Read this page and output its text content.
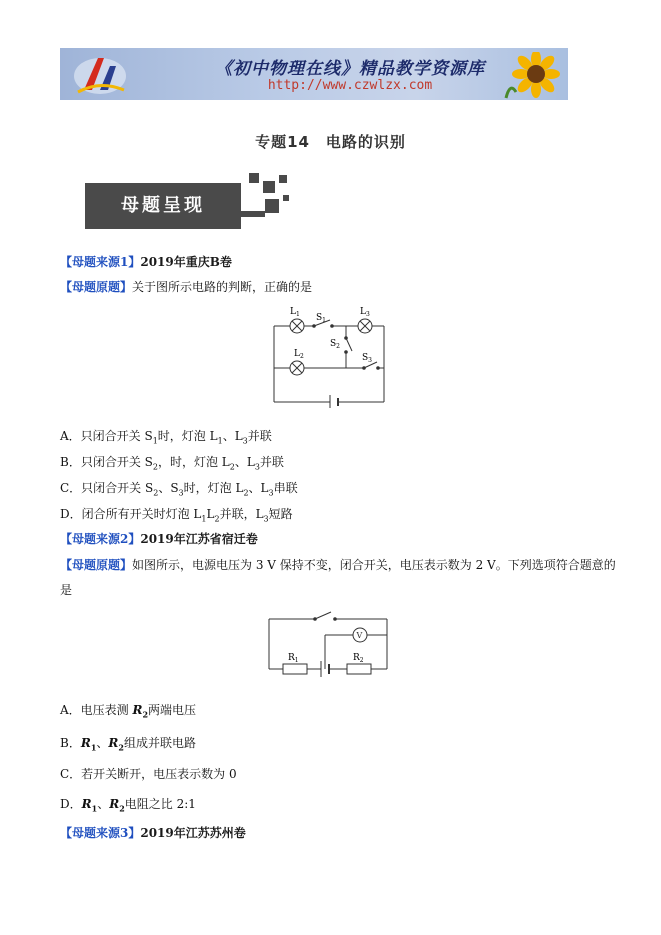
《初中物理在线》精品教学资源库
http://www.czwlzx.com
专题14　电路的识别
母题呈现
【母题来源1】2019年重庆B卷
【母题原题】关于图所示电路的判断，正确的是
$L_1$ $S_1$
$L_3$
$S_2$
$L_2$	$S_3$
A．只闭合开关 $S_1$时，灯泡 $L_1$、$L_3$并联
B．只闭合开关 $S_2$，时，灯泡 $L_2$、$L_3$并联
C．只闭合开关 $S_2$、$S_3$时，灯泡 $L_2$、$L_3$串联
D．闭合所有开关时灯泡 $L_1L_2$并联，$L_3$短路
【母题来源2】2019年江苏省宿迁卷
【母题原题】如图所示，电源电压为 3 V 保持不变，闭合开关，电压表示数为 2 V。下列选项符合题意的
是
V
$R_1$	$R_2$
A．电压表测 $R_2$两端电压
B．$R_1$、$R_2$组成并联电路
C．若开关断开，电压表示数为 0
D．$R_1$、$R_2$电阻之比 2:1
【母题来源3】2019年江苏苏州卷
